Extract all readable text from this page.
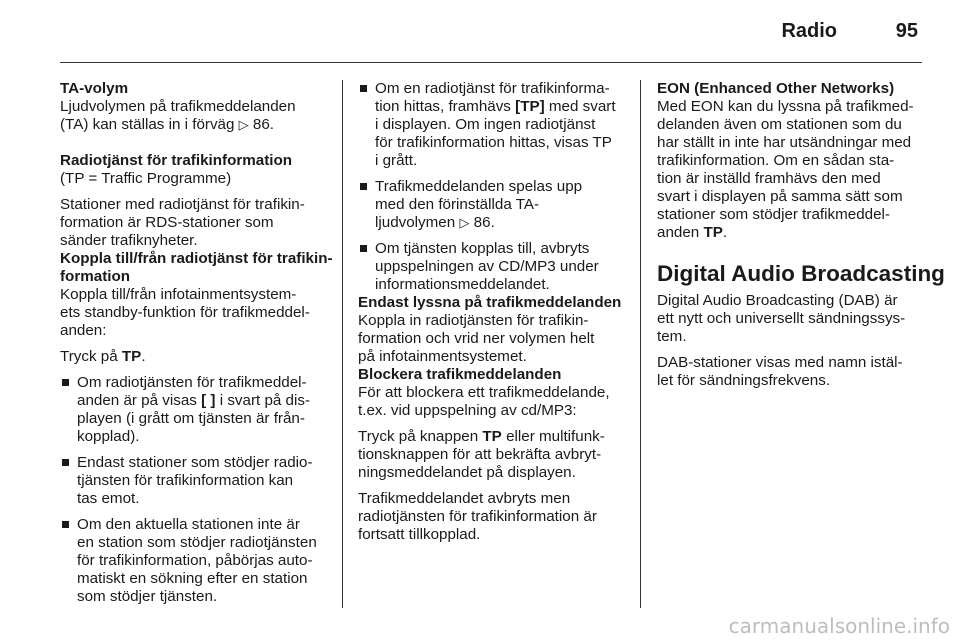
Radio	95
TA-volym
Ljudvolymen på trafikmeddelanden
(TA) kan ställas in i förväg ▷ 86.
Radiotjänst för trafikinformation
(TP = Traffic Programme)
Stationer med radiotjänst för trafikin-
formation är RDS-stationer som
sänder trafiknyheter.
Koppla till/från radiotjänst för trafikin-
formation
Koppla till/från infotainmentsystem-
ets standby-funktion för trafikmeddel-
anden:
Tryck på TP.
Om radiotjänsten för trafikmeddel-
anden är på visas [ ] i svart på dis-
playen (i grått om tjänsten är från-
kopplad).
Endast stationer som stödjer radio-
tjänsten för trafikinformation kan
tas emot.
Om den aktuella stationen inte är
en station som stödjer radiotjänsten
för trafikinformation, påbörjas auto-
matiskt en sökning efter en station
som stödjer tjänsten.
Om en radiotjänst för trafikinforma-
tion hittas, framhävs [TP] med svart
i displayen. Om ingen radiotjänst
för trafikinformation hittas, visas TP
i grått.
Trafikmeddelanden spelas upp
med den förinställda TA-
ljudvolymen ▷ 86.
Om tjänsten kopplas till, avbryts
uppspelningen av CD/MP3 under
informationsmeddelandet.
Endast lyssna på trafikmeddelanden
Koppla in radiotjänsten för trafikin-
formation och vrid ner volymen helt
på infotainmentsystemet.
Blockera trafikmeddelanden
För att blockera ett trafikmeddelande,
t.ex. vid uppspelning av cd/MP3:
Tryck på knappen TP eller multifunk-
tionsknappen för att bekräfta avbryt-
ningsmeddelandet på displayen.
Trafikmeddelandet avbryts men
radiotjänsten för trafikinformation är
fortsatt tillkopplad.
EON (Enhanced Other Networks)
Med EON kan du lyssna på trafikmed-
delanden även om stationen som du
har ställt in inte har utsändningar med
trafikinformation. Om en sådan sta-
tion är inställd framhävs den med
svart i displayen på samma sätt som
stationer som stödjer trafikmeddel-
anden TP.
Digital Audio Broadcasting
Digital Audio Broadcasting (DAB) är
ett nytt och universellt sändningssys-
tem.
DAB-stationer visas med namn istäl-
let för sändningsfrekvens.
carmanualsonline.info
